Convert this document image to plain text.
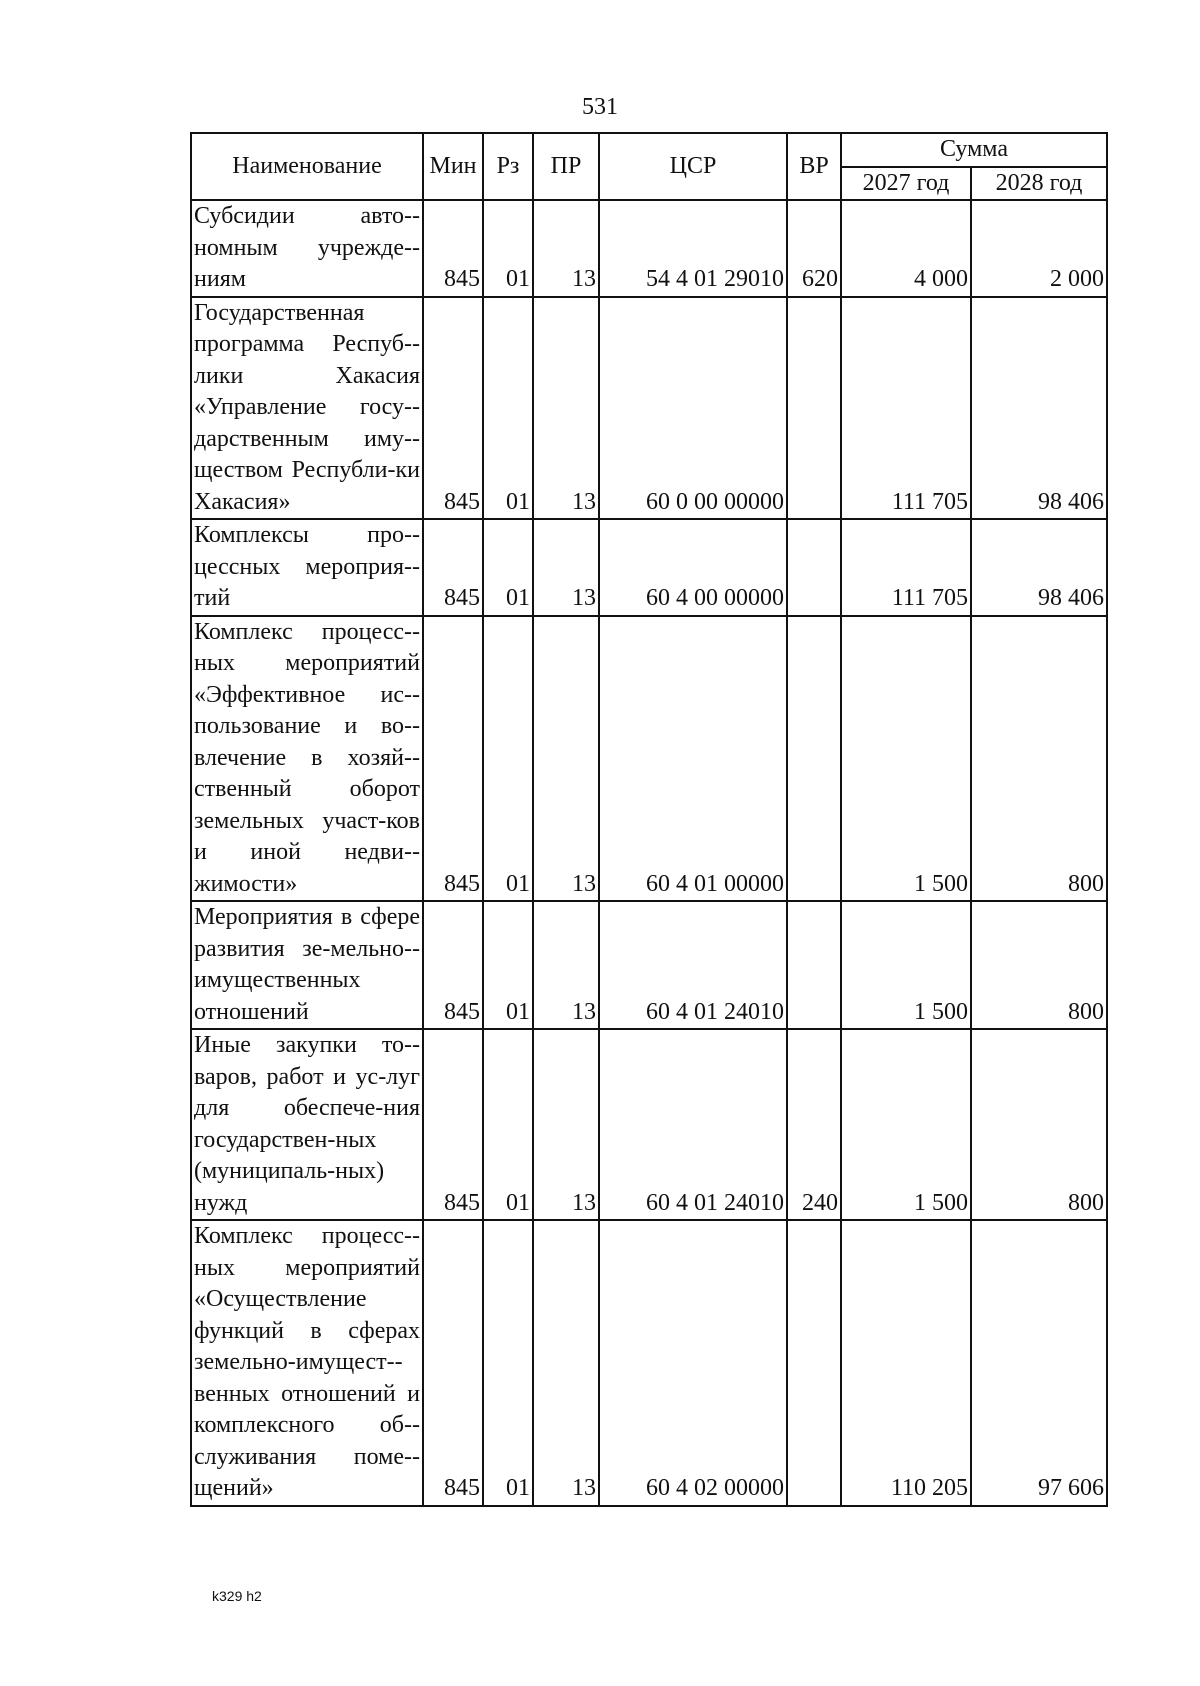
531
Наименование	Мин	Рз	ПР	ЦСР	ВР	Сумма	
						2027 год	2028 год
Субсидии авто-номным учрежде-ниям	845	01	13	54 4 01 29010	620	4 000	2 000
Государственная программа Респуб-лики Хакасия «Управление госу-дарственным иму-ществом Республи-ки Хакасия»	845	01	13	60 0 00 00000		111 705	98 406
Комплексы про-цессных мероприя-тий	845	01	13	60 4 00 00000		111 705	98 406
Комплекс процесс-ных мероприятий «Эффективное ис-пользование и во-влечение в хозяй-ственный оборот земельных участ-ков и иной недви-жимости»	845	01	13	60 4 01 00000		1 500	800
Мероприятия в сфере развития зе-мельно-имущественных отношений	845	01	13	60 4 01 24010		1 500	800
Иные закупки то-варов, работ и ус-луг для обеспече-ния государствен-ных (муниципаль-ных) нужд	845	01	13	60 4 01 24010	240	1 500	800
Комплекс процесс-ных мероприятий «Осуществление функций в сферах земельно-имущест-венных отношений и комплексного об-служивания поме-щений»	845	01	13	60 4 02 00000		110 205	97 606
k329 h2
